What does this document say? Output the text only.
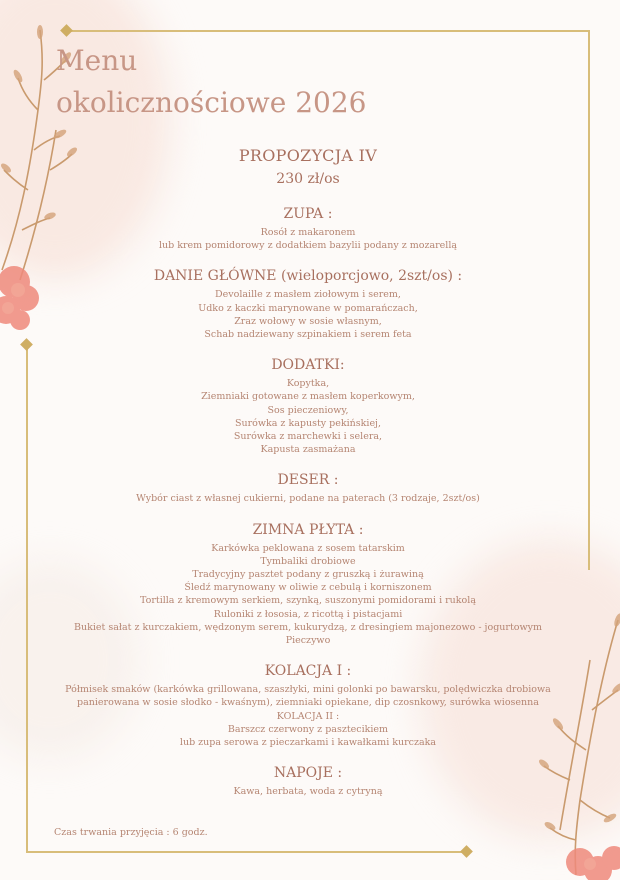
Menu
okolicznościowe 2026
PROPOZYCJA IV
230 zł/os
ZUPA :
Rosół z makaronem
lub krem pomidorowy z dodatkiem bazylii podany z mozarellą
DANIE GŁÓWNE (wieloporcjowo, 2szt/os) :
Devolaille z masłem ziołowym i serem,
Udko z kaczki marynowane w pomarańczach,
Zraz wołowy w sosie własnym,
Schab nadziewany szpinakiem i serem feta
DODATKI:
Kopytka,
Ziemniaki gotowane z masłem koperkowym,
Sos pieczeniowy,
Surówka z kapusty pekińskiej,
Surówka z marchewki i selera,
Kapusta zasmażana
DESER :
Wybór ciast z własnej cukierni, podane na paterach (3 rodzaje, 2szt/os)
ZIMNA PŁYTA :
Karkówka peklowana z sosem tatarskim
Tymbaliki drobiowe
Tradycyjny pasztet podany z gruszką i żurawiną
Śledź marynowany w oliwie z cebulą i korniszonem
Tortilla z kremowym serkiem, szynką, suszonymi pomidorami i rukolą
Ruloniki z łososia, z ricottą i pistacjami
Bukiet sałat z kurczakiem, wędzonym serem, kukurydzą, z dresingiem majonezowo - jogurtowym
Pieczywo
KOLACJA I :
Półmisek smaków (karkówka grillowana, szaszłyki, mini golonki po bawarsku, polędwiczka drobiowa
panierowana w sosie słodko - kwaśnym), ziemniaki opiekane, dip czosnkowy, surówka wiosenna
KOLACJA II :
Barszcz czerwony z pasztecikiem
lub zupa serowa z pieczarkami i kawałkami kurczaka
NAPOJE :
Kawa, herbata, woda z cytryną
Czas trwania przyjęcia : 6 godz.
